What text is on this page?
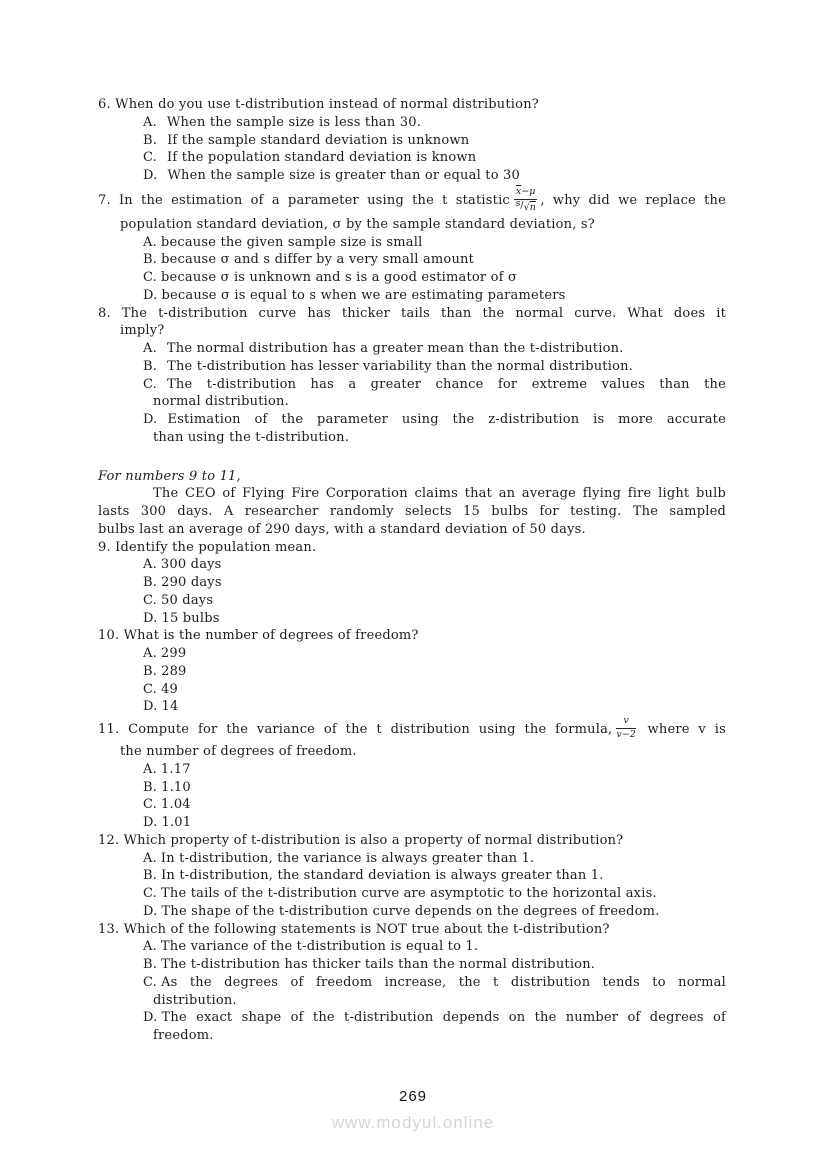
6. When do you use t-distribution instead of normal distribution?
A. When the sample size is less than 30.
B. If the sample standard deviation is unknown
C. If the population standard deviation is known
D. When the sample size is greater than or equal to 30
7. In the estimation of a parameter using the t statistic $\frac{\overline{x}-\mu}{s/√n}$ , why did we replace the
population standard deviation, σ by the sample standard deviation, s?
A. because the given sample size is small
B. because σ and s differ by a very small amount
C. because σ is unknown and s is a good estimator of σ
D. because σ is equal to s when we are estimating parameters
8. The t-distribution curve has thicker tails than the normal curve. What does it
imply?
A. The normal distribution has a greater mean than the t-distribution.
B. The t-distribution has lesser variability than the normal distribution.
C. The t-distribution has a greater chance for extreme values than the
normal distribution.
D. Estimation of the parameter using the z-distribution is more accurate
than using the t-distribution.
For numbers 9 to 11,
The CEO of Flying Fire Corporation claims that an average flying fire light bulb
lasts 300 days. A researcher randomly selects 15 bulbs for testing. The sampled
bulbs last an average of 290 days, with a standard deviation of 50 days.
9. Identify the population mean.
A. 300 days
B. 290 days
C. 50 days
D. 15 bulbs
10. What is the number of degrees of freedom?
A. 299
B. 289
C. 49
D. 14
11. Compute for the variance of the t distribution using the formula, $\frac{v}{v-2}$ where v is
the number of degrees of freedom.
A. 1.17
B. 1.10
C. 1.04
D. 1.01
12. Which property of t-distribution is also a property of normal distribution?
A. In t-distribution, the variance is always greater than 1.
B. In t-distribution, the standard deviation is always greater than 1.
C. The tails of the t-distribution curve are asymptotic to the horizontal axis.
D. The shape of the t-distribution curve depends on the degrees of freedom.
13. Which of the following statements is NOT true about the t-distribution?
A. The variance of the t-distribution is equal to 1.
B. The t-distribution has thicker tails than the normal distribution.
C. As the degrees of freedom increase, the t distribution tends to normal
distribution.
D. The exact shape of the t-distribution depends on the number of degrees of
freedom.
269
www.modyul.online
